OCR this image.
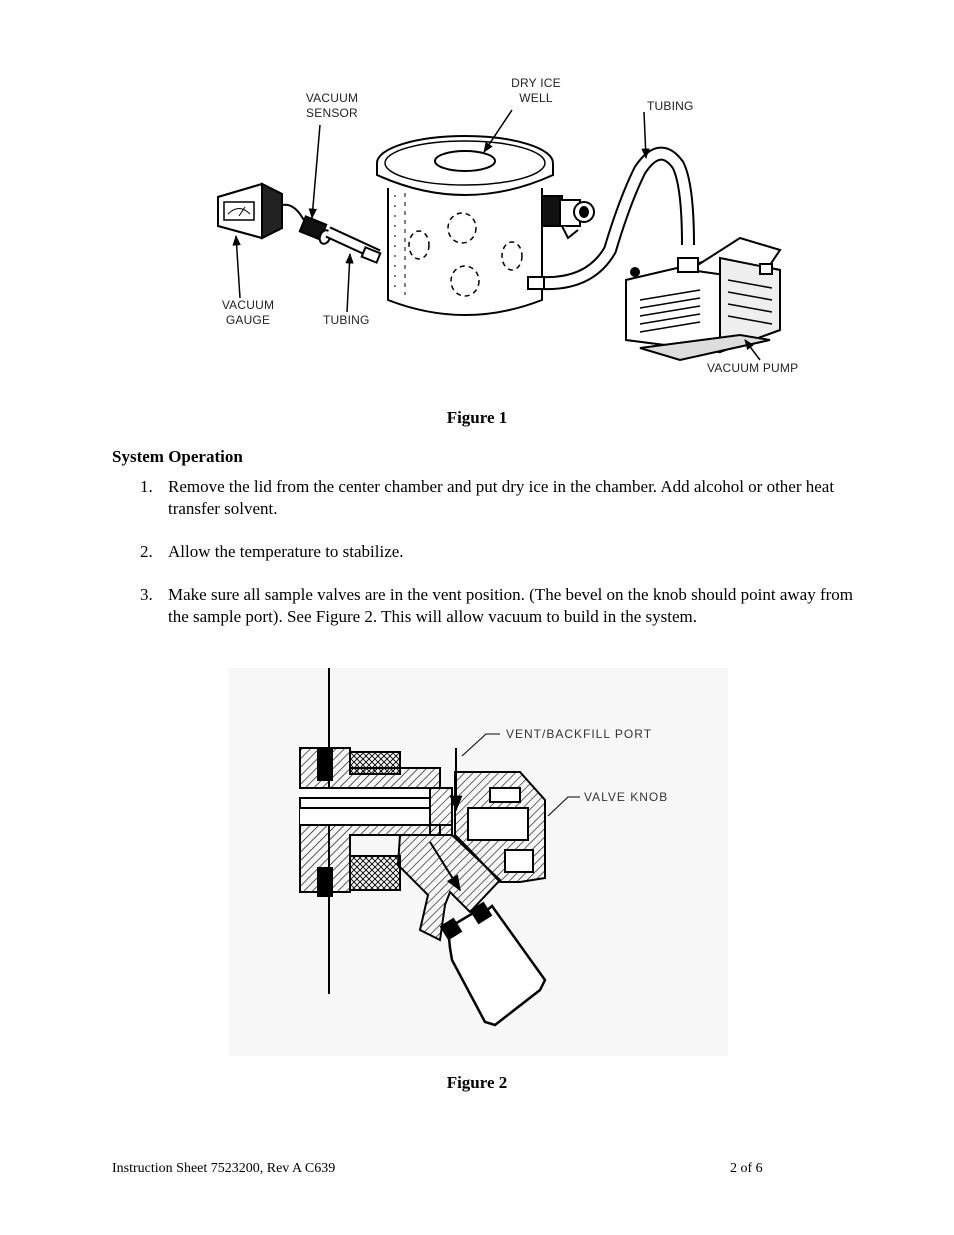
VACUUM
SENSOR
DRY ICE
WELL
TUBING
VACUUM
GAUGE	TUBING
VACUUM PUMP
Figure 1
System Operation
1. Remove the lid from the center chamber and put dry ice in the chamber. Add alcohol or other heat transfer solvent.
2. Allow the temperature to stabilize.
3. Make sure all sample valves are in the vent position. (The bevel on the knob should point away from the sample port). See Figure 2. This will allow vacuum to build in the system.
VENT/BACKFILL PORT
VALVE KNOB
Figure 2
Instruction Sheet 7523200, Rev A C639	2 of 6
